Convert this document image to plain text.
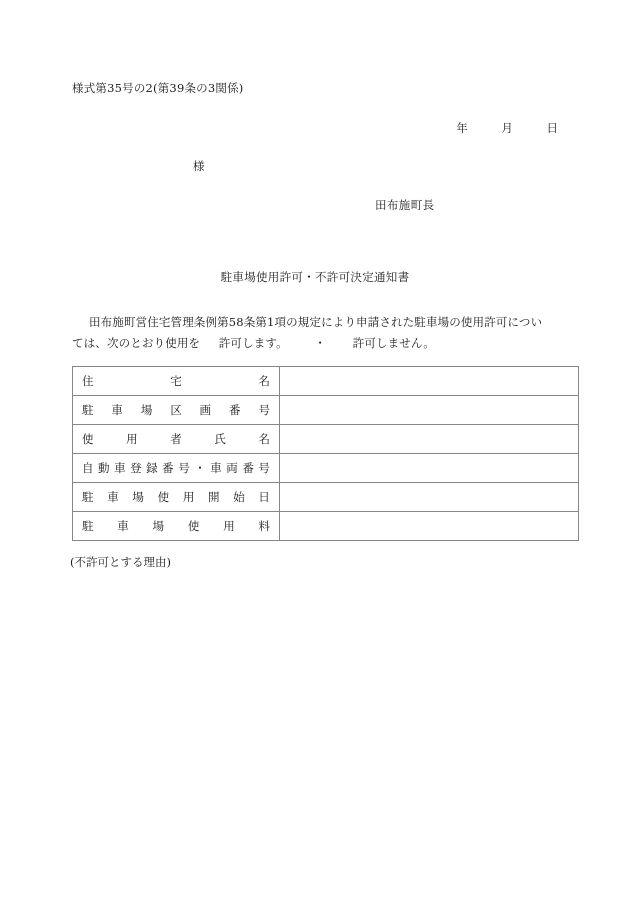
様式第35号の2(第39条の3関係)
年	月	日
様
田布施町長
駐車場使用許可・不許可決定通知書
田布施町営住宅管理条例第58条第1項の規定により申請された駐車場の使用許可につい
ては、次のとおり使用を 許可します。 ・ 許可しません。
住 宅 名	

駐 車 場 区 画 番 号

使 用 者 氏 名	

自 動 車 登 録 番 号 ・ 車 両 番 号

駐 車 場 使 用 開 始 日

駐 車 場 使 用 料

(不許可とする理由)
